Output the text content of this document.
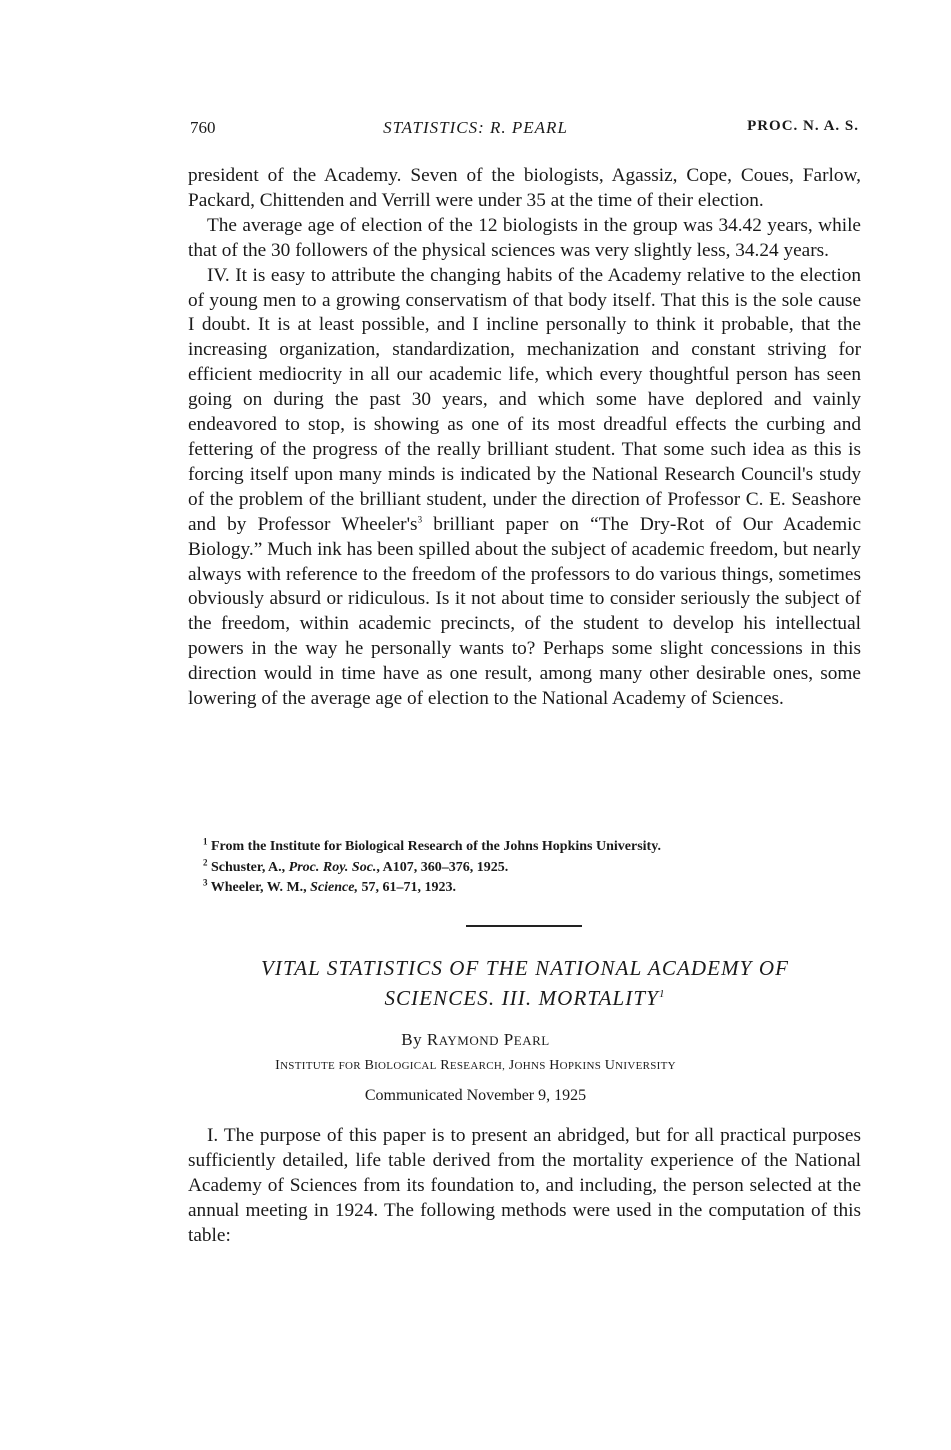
760	STATISTICS: R. PEARL	PROC. N. A. S.

president of the Academy. Seven of the biologists, Agassiz, Cope, Coues, Farlow, Packard, Chittenden and Verrill were under 35 at the time of their election.

The average age of election of the 12 biologists in the group was 34.42 years, while that of the 30 followers of the physical sciences was very slightly less, 34.24 years.

IV. It is easy to attribute the changing habits of the Academy relative to the election of young men to a growing conservatism of that body itself. That this is the sole cause I doubt. It is at least possible, and I incline personally to think it probable, that the increasing organization, standardization, mechanization and constant striving for efficient mediocrity in all our academic life, which every thoughtful person has seen going on during the past 30 years, and which some have deplored and vainly endeavored to stop, is showing as one of its most dreadful effects the curbing and fettering of the progress of the really brilliant student. That some such idea as this is forcing itself upon many minds is indicated by the National Research Council's study of the problem of the brilliant student, under the direction of Professor C. E. Seashore and by Professor $Wheeler's^3$ brilliant paper on “The Dry-Rot of Our Academic Biology.” Much ink has been spilled about the subject of academic freedom, but nearly always with reference to the freedom of the professors to do various things, sometimes obviously absurd or ridiculous. Is it not about time to consider seriously the subject of the freedom, within academic precincts, of the student to develop his intellectual powers in the way he personally wants to? Perhaps some slight concessions in this direction would in time have as one result, among many other desirable ones, some lowering of the average age of election to the National Academy of Sciences.

$^1$ From the Institute for Biological Research of the Johns Hopkins University.

$^2$ Schuster, A., Proc. Roy. Soc., A107, 360–376, 1925.

$^3$ Wheeler, W. M., Science, 57, 61–71, 1923.

VITAL STATISTICS OF THE NATIONAL ACADEMY OF

SCIENCES. III. MORTALITY$^1$

By RAYMOND PEARL
INSTITUTE FOR BIOLOGICAL RESEARCH, JOHNS HOPKINS UNIVERSITY
Communicated November 9, 1925

I. The purpose of this paper is to present an abridged, but for all practical purposes sufficiently detailed, life table derived from the mortality experience of the National Academy of Sciences from its foundation to, and including, the person selected at the annual meeting in 1924. The following methods were used in the computation of this table:
